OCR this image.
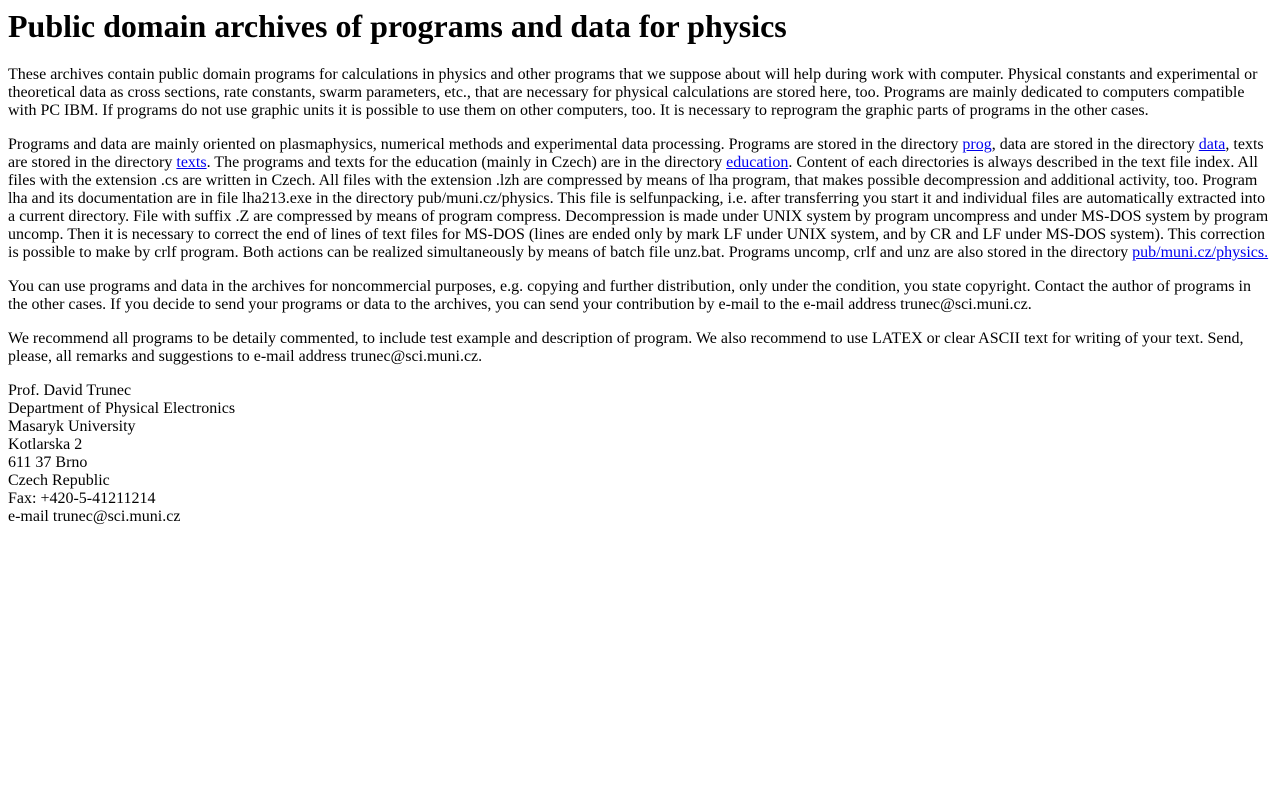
Public domain archives of programs and data for physics

These archives contain public domain programs for calculations in physics and other programs that we suppose about will help during work with computer. Physical constants and experimental or theoretical data as cross sections, rate constants, swarm parameters, etc., that are necessary for physical calculations are stored here, too. Programs are mainly dedicated to computers compatible with PC IBM. If programs do not use graphic units it is possible to use them on other computers, too. It is necessary to reprogram the graphic parts of programs in the other cases.

Programs and data are mainly oriented on plasmaphysics, numerical methods and experimental data processing. Programs are stored in the directory prog, data are stored in the directory data, texts are stored in the directory texts. The programs and texts for the education (mainly in Czech) are in the directory education. Content of each directories is always described in the text file index. All files with the extension .cs are written in Czech. All files with the extension .lzh are compressed by means of lha program, that makes possible decompression and additional activity, too. Program lha and its documentation are in file lha213.exe in the directory pub/muni.cz/physics. This file is selfunpacking, i.e. after transferring you start it and individual files are automatically extracted into a current directory. File with suffix .Z are compressed by means of program compress. Decompression is made under UNIX system by program uncompress and under MS-DOS system by program uncomp. Then it is necessary to correct the end of lines of text files for MS-DOS (lines are ended only by mark LF under UNIX system, and by CR and LF under MS-DOS system). This correction is possible to make by crlf program. Both actions can be realized simultaneously by means of batch file unz.bat. Programs uncomp, crlf and unz are also stored in the directory pub/muni.cz/physics.

You can use programs and data in the archives for noncommercial purposes, e.g. copying and further distribution, only under the condition, you state copyright. Contact the author of programs in the other cases. If you decide to send your programs or data to the archives, you can send your contribution by e-mail to the e-mail address trunec@sci.muni.cz.

We recommend all programs to be detaily commented, to include test example and description of program. We also recommend to use LATEX or clear ASCII text for writing of your text. Send, please, all remarks and suggestions to e-mail address trunec@sci.muni.cz.

Prof. David Trunec
Department of Physical Electronics
Masaryk University
Kotlarska 2
611 37 Brno
Czech Republic
Fax: +420-5-41211214
e-mail trunec@sci.muni.cz
